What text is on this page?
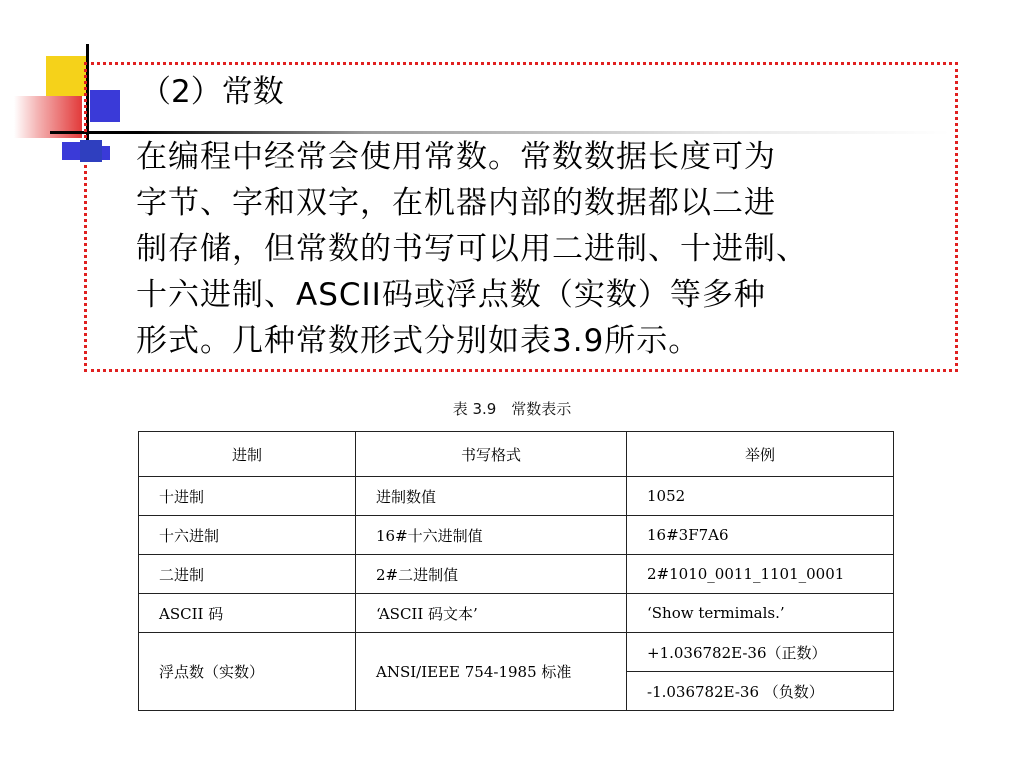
（2）常数
在编程中经常会使用常数。常数数据长度可为
字节、字和双字，在机器内部的数据都以二进
制存储，但常数的书写可以用二进制、十进制、
十六进制、ASCII码或浮点数（实数）等多种
形式。几种常数形式分别如表3.9所示。
表 3.9　常数表示
进制	书写格式	举例
十进制	进制数值	1052
十六进制	16#十六进制值	16#3F7A6
二进制	2#二进制值	2#1010_0011_1101_0001
ASCII 码	‘ASCII 码文本’	‘Show termimals.’
浮点数（实数）	ANSI/IEEE 754-1985 标准	+1.036782E-36（正数）
		-1.036782E-36 （负数）
